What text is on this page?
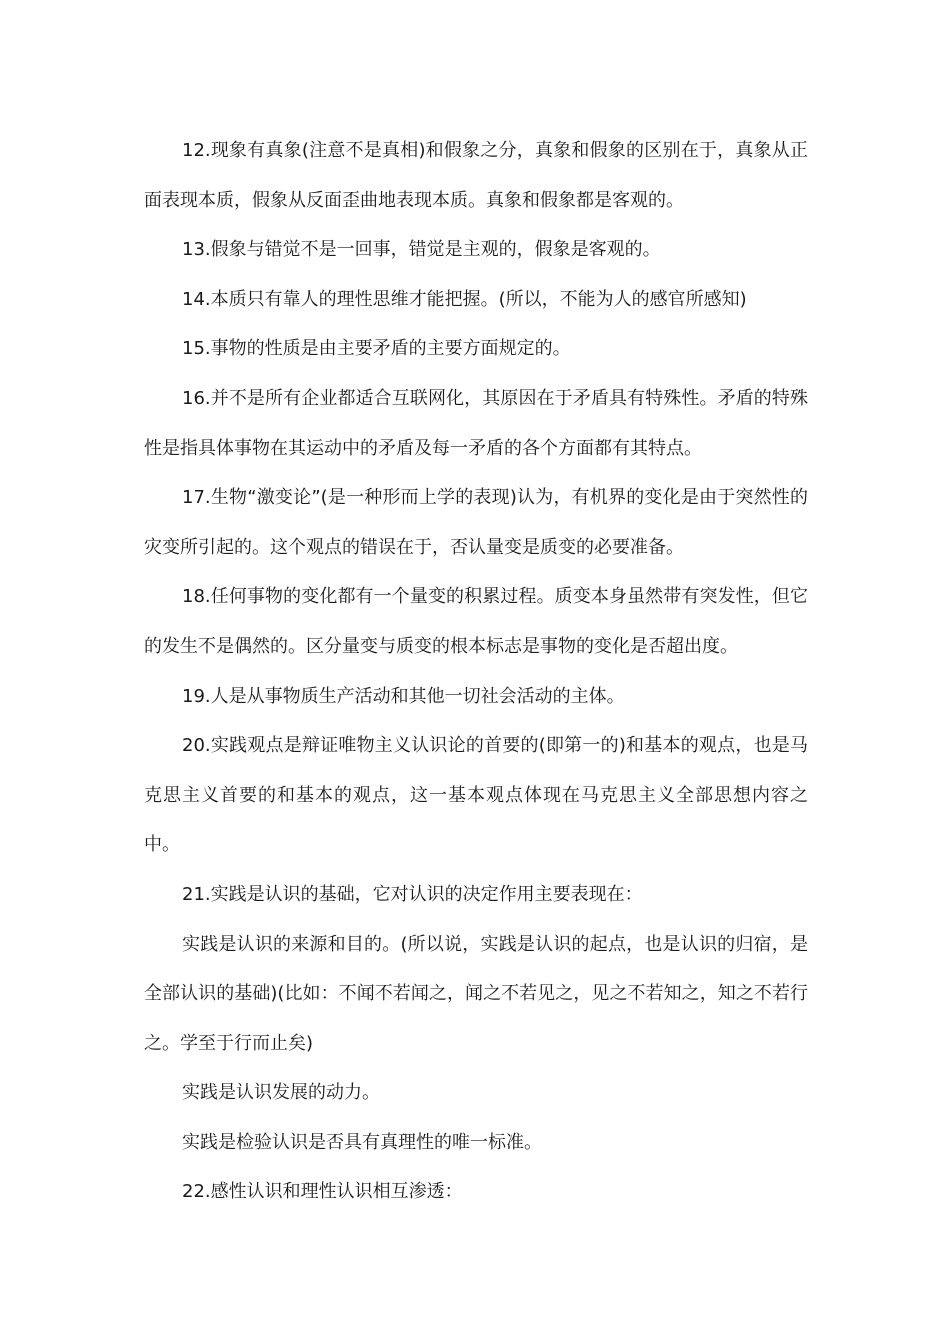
12.现象有真象(注意不是真相)和假象之分，真象和假象的区别在于，真象从正面表现本质，假象从反面歪曲地表现本质。真象和假象都是客观的。

13.假象与错觉不是一回事，错觉是主观的，假象是客观的。

14.本质只有靠人的理性思维才能把握。(所以，不能为人的感官所感知)

15.事物的性质是由主要矛盾的主要方面规定的。

16.并不是所有企业都适合互联网化，其原因在于矛盾具有特殊性。矛盾的特殊性是指具体事物在其运动中的矛盾及每一矛盾的各个方面都有其特点。

17.生物“激变论”(是一种形而上学的表现)认为，有机界的变化是由于突然性的灾变所引起的。这个观点的错误在于，否认量变是质变的必要准备。

18.任何事物的变化都有一个量变的积累过程。质变本身虽然带有突发性，但它的发生不是偶然的。区分量变与质变的根本标志是事物的变化是否超出度。

19.人是从事物质生产活动和其他一切社会活动的主体。

20.实践观点是辩证唯物主义认识论的首要的(即第一的)和基本的观点，也是马克思主义首要的和基本的观点，这一基本观点体现在马克思主义全部思想内容之中。

21.实践是认识的基础，它对认识的决定作用主要表现在：

实践是认识的来源和目的。(所以说，实践是认识的起点，也是认识的归宿，是全部认识的基础)(比如：不闻不若闻之，闻之不若见之，见之不若知之，知之不若行之。学至于行而止矣)

实践是认识发展的动力。

实践是检验认识是否具有真理性的唯一标准。

22.感性认识和理性认识相互渗透：
